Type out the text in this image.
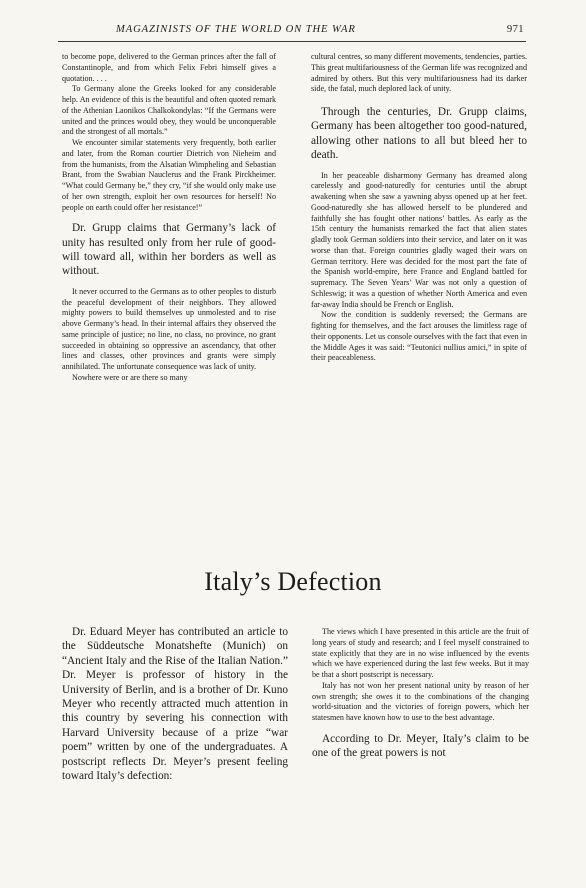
MAGAZINISTS OF THE WORLD ON THE WAR	971

to become pope, delivered to the German princes after the fall of Constantinople, and from which Felix Febri himself gives a quotation. . . .

To Germany alone the Greeks looked for any considerable help. An evidence of this is the beautiful and often quoted remark of the Athenian Laonikos Chalkokondylas: “If the Germans were united and the princes would obey, they would be unconquerable and the strongest of all mortals.”

We encounter similar statements very frequently, both earlier and later, from the Roman courtier Dietrich von Nieheim and from the humanists, from the Alsatian Wimpheling and Sebastian Brant, from the Swabian Nauclerus and the Frank Pirckheimer. “What could Germany be,” they cry, “if she would only make use of her own strength, exploit her own resources for herself! No people on earth could offer her resistance!”

Dr. Grupp claims that Germany’s lack of unity has resulted only from her rule of good-will toward all, within her borders as well as without.

It never occurred to the Germans as to other peoples to disturb the peaceful development of their neighbors. They allowed mighty powers to build themselves up unmolested and to rise above Germany’s head. In their internal affairs they observed the same principle of justice; no line, no class, no province, no grant succeeded in obtaining so oppressive an ascendancy, that other lines and classes, other provinces and grants were simply annihilated. The unfortunate consequence was lack of unity.

Nowhere were or are there so many

cultural centres, so many different movements, tendencies, parties. This great multifariousness of the German life was recognized and admired by others. But this very multifariousness had its darker side, the fatal, much deplored lack of unity.

Through the centuries, Dr. Grupp claims, Germany has been altogether too good-natured, allowing other nations to all but bleed her to death.

In her peaceable disharmony Germany has dreamed along carelessly and good-naturedly for centuries until the abrupt awakening when she saw a yawning abyss opened up at her feet. Good-naturedly she has allowed herself to be plundered and faithfully she has fought other nations’ battles. As early as the 15th century the humanists remarked the fact that alien states gladly took German soldiers into their service, and later on it was worse than that. Foreign countries gladly waged their wars on German territory. Here was decided for the most part the fate of the Spanish world-empire, here France and England battled for supremacy. The Seven Years’ War was not only a question of Schleswig; it was a question of whether North America and even far-away India should be French or English.

Now the condition is suddenly reversed; the Germans are fighting for themselves, and the fact arouses the limitless rage of their opponents. Let us console ourselves with the fact that even in the Middle Ages it was said: “Teutonici nullius amici,” in spite of their peaceableness.

Italy’s Defection

Dr. Eduard Meyer has contributed an article to the Süddeutsche Monatshefte (Munich) on “Ancient Italy and the Rise of the Italian Nation.” Dr. Meyer is professor of history in the University of Berlin, and is a brother of Dr. Kuno Meyer who recently attracted much attention in this country by severing his connection with Harvard University because of a prize “war poem” written by one of the undergraduates. A postscript reflects Dr. Meyer’s present feeling toward Italy’s defection:

The views which I have presented in this article are the fruit of long years of study and research; and I feel myself constrained to state explicitly that they are in no wise influenced by the events which we have experienced during the last few weeks. But it may be that a short postscript is necessary.

Italy has not won her present national unity by reason of her own strength; she owes it to the combinations of the changing world-situation and the victories of foreign powers, which her statesmen have known how to use to the best advantage.

According to Dr. Meyer, Italy’s claim to be one of the great powers is not
